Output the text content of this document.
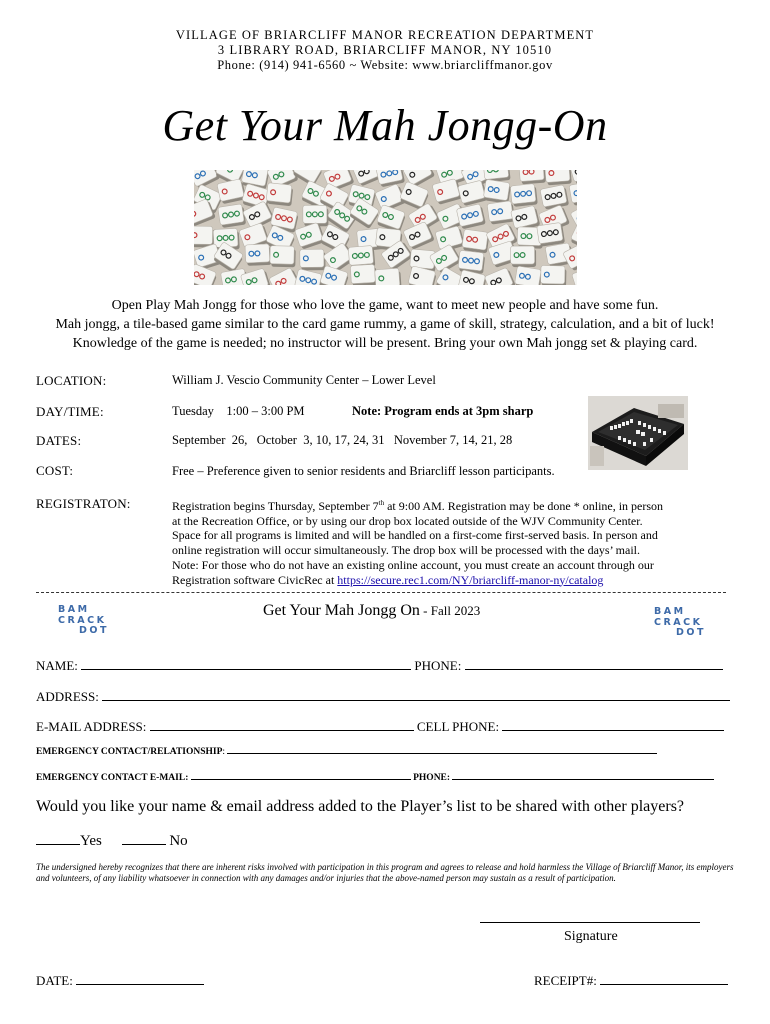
VILLAGE OF BRIARCLIFF MANOR RECREATION DEPARTMENT
3 LIBRARY ROAD, BRIARCLIFF MANOR, NY 10510
Phone: (914) 941-6560 ~ Website: www.briarcliffmanor.gov
Get Your Mah Jongg-On
Open Play Mah Jongg for those who love the game, want to meet new people and have some fun.
Mah jongg, a tile-based game similar to the card game rummy, a game of skill, strategy, calculation, and a bit of luck!
Knowledge of the game is needed; no instructor will be present. Bring your own Mah jongg set & playing card.
LOCATION:	William J. Vescio Community Center – Lower Level
DAY/TIME:	Tuesday    1:00 – 3:00 PM	Note: Program ends at 3pm sharp
DATES:	September  26,   October  3, 10, 17, 24, 31   November 7, 14, 21, 28
COST:	Free – Preference given to senior residents and Briarcliff lesson participants.
REGISTRATON:	Registration begins Thursday, September 7th at 9:00 AM. Registration may be done * online, in person
at the Recreation Office, or by using our drop box located outside of the WJV Community Center.
Space for all programs is limited and will be handled on a first-come first-served basis. In person and
online registration will occur simultaneously. The drop box will be processed with the days’ mail.
Note: For those who do not have an existing online account, you must create an account through our
Registration software CivicRec at https://secure.rec1.com/NY/briarcliff-manor-ny/catalog
BAM
CRACK
DOT
BAM
CRACK
DOT
Get Your Mah Jongg On - Fall 2023
NAME:	PHONE:
ADDRESS:
E-MAIL ADDRESS:	CELL PHONE:
EMERGENCY CONTACT/RELATIONSHIP:
EMERGENCY CONTACT E-MAIL:	PHONE:
Would you like your name & email address added to the Player’s list to be shared with other players?
Yes	No
The undersigned hereby recognizes that there are inherent risks involved with participation in this program and agrees to release and hold harmless the Village of Briarcliff Manor, its employers and volunteers, of any liability whatsoever in connection with any damages and/or injuries that the above-named person may sustain as a result of participation.
Signature
DATE:	RECEIPT#:
